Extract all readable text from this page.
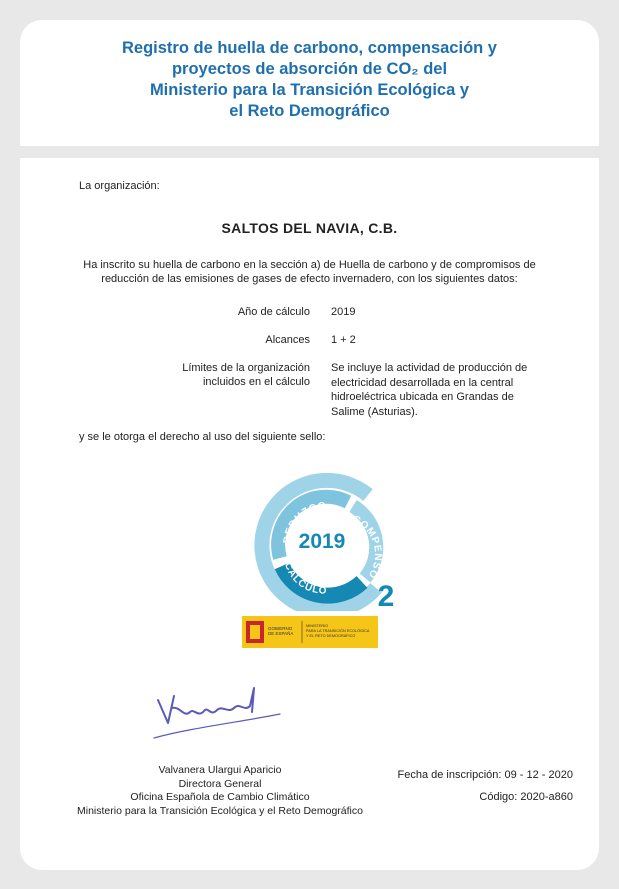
Registro de huella de carbono, compensación y
proyectos de absorción de CO₂ del
Ministerio para la Transición Ecológica y
el Reto Demográfico
La organización:
SALTOS DEL NAVIA, C.B.
Ha inscrito su huella de carbono en la sección a) de Huella de carbono y de compromisos de
reducción de las emisiones de gases de efecto invernadero, con los siguientes datos:
Año de cálculo 2019
Alcances 1 + 2
Límites de la organización
incluidos en el cálculo
Se incluye la actividad de producción de
electricidad desarrollada en la central
hidroeléctrica ubicada en Grandas de
Salime (Asturias).
y se le otorga el derecho al uso del siguiente sello:
REDUZCO
COMPENSO
CALCULO
2019
2
GOBIERNO
DE ESPAÑA
MINISTERIO
PARA LA TRANSICIÓN ECOLÓGICA
Y EL RETO DEMOGRÁFICO
Valvanera Ulargui Aparicio
Directora General
Oficina Española de Cambio Climático
Ministerio para la Transición Ecológica y el Reto Demográfico
Fecha de inscripción: 09 - 12 - 2020
Código: 2020-a860
